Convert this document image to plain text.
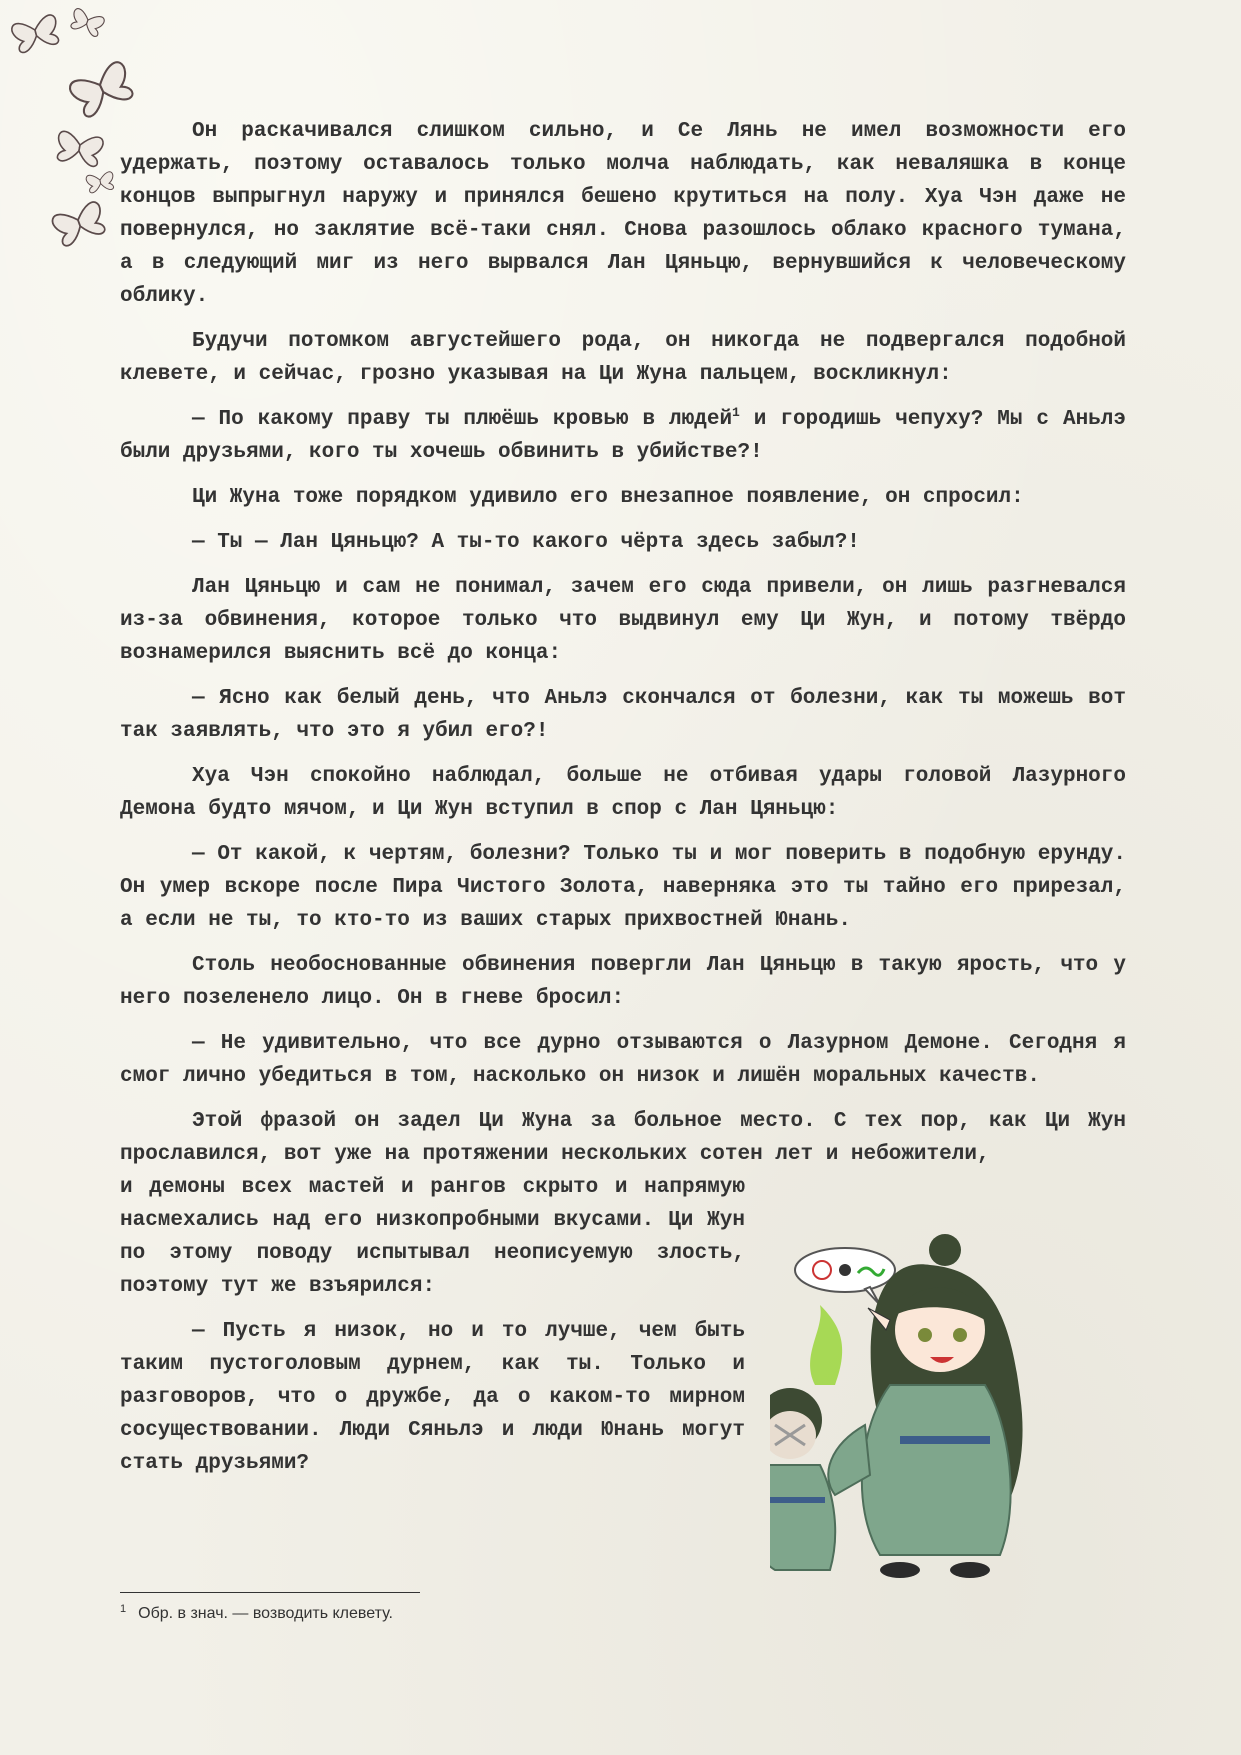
Он раскачивался слишком сильно, и Се Лянь не имел возможности его удержать, поэтому оставалось только молча наблюдать, как неваляшка в конце концов выпрыгнул наружу и принялся бешено крутиться на полу. Хуа Чэн даже не повернулся, но заклятие всё-таки снял. Снова разошлось облако красного тумана, а в следующий миг из него вырвался Лан Цяньцю, вернувшийся к человеческому облику.

Будучи потомком августейшего рода, он никогда не подвергался подобной клевете, и сейчас, грозно указывая на Ци Жуна пальцем, воскликнул:

— По какому праву ты плюёшь кровью в людей$^1$ и городишь чепуху? Мы с Аньлэ были друзьями, кого ты хочешь обвинить в убийстве?!

Ци Жуна тоже порядком удивило его внезапное появление, он спросил:

— Ты — Лан Цяньцю? А ты-то какого чёрта здесь забыл?!

Лан Цяньцю и сам не понимал, зачем его сюда привели, он лишь разгневался из-за обвинения, которое только что выдвинул ему Ци Жун, и потому твёрдо вознамерился выяснить всё до конца:

— Ясно как белый день, что Аньлэ скончался от болезни, как ты можешь вот так заявлять, что это я убил его?!

Хуа Чэн спокойно наблюдал, больше не отбивая удары головой Лазурного Демона будто мячом, и Ци Жун вступил в спор с Лан Цяньцю:

— От какой, к чертям, болезни? Только ты и мог поверить в подобную ерунду. Он умер вскоре после Пира Чистого Золота, наверняка это ты тайно его прирезал, а если не ты, то кто-то из ваших старых прихвостней Юнань.

Столь необоснованные обвинения повергли Лан Цяньцю в такую ярость, что у него позеленело лицо. Он в гневе бросил:

— Не удивительно, что все дурно отзываются о Лазурном Демоне. Сегодня я смог лично убедиться в том, насколько он низок и лишён моральных качеств.

Этой фразой он задел Ци Жуна за больное место. С тех пор, как Ци Жун прославился, вот уже на протяжении нескольких сотен лет и небожители,

и демоны всех мастей и рангов скрыто и напрямую насмехались над его низкопробными вкусами. Ци Жун по этому поводу испытывал неописуемую злость, поэтому тут же взъярился:

— Пусть я низок, но и то лучше, чем быть таким пустоголовым дурнем, как ты. Только и разговоров, что о дружбе, да о каком-то мирном сосуществовании. Люди Сяньлэ и люди Юнань могут стать друзьями?

$^1$ Обр. в знач. — возводить клевету.
